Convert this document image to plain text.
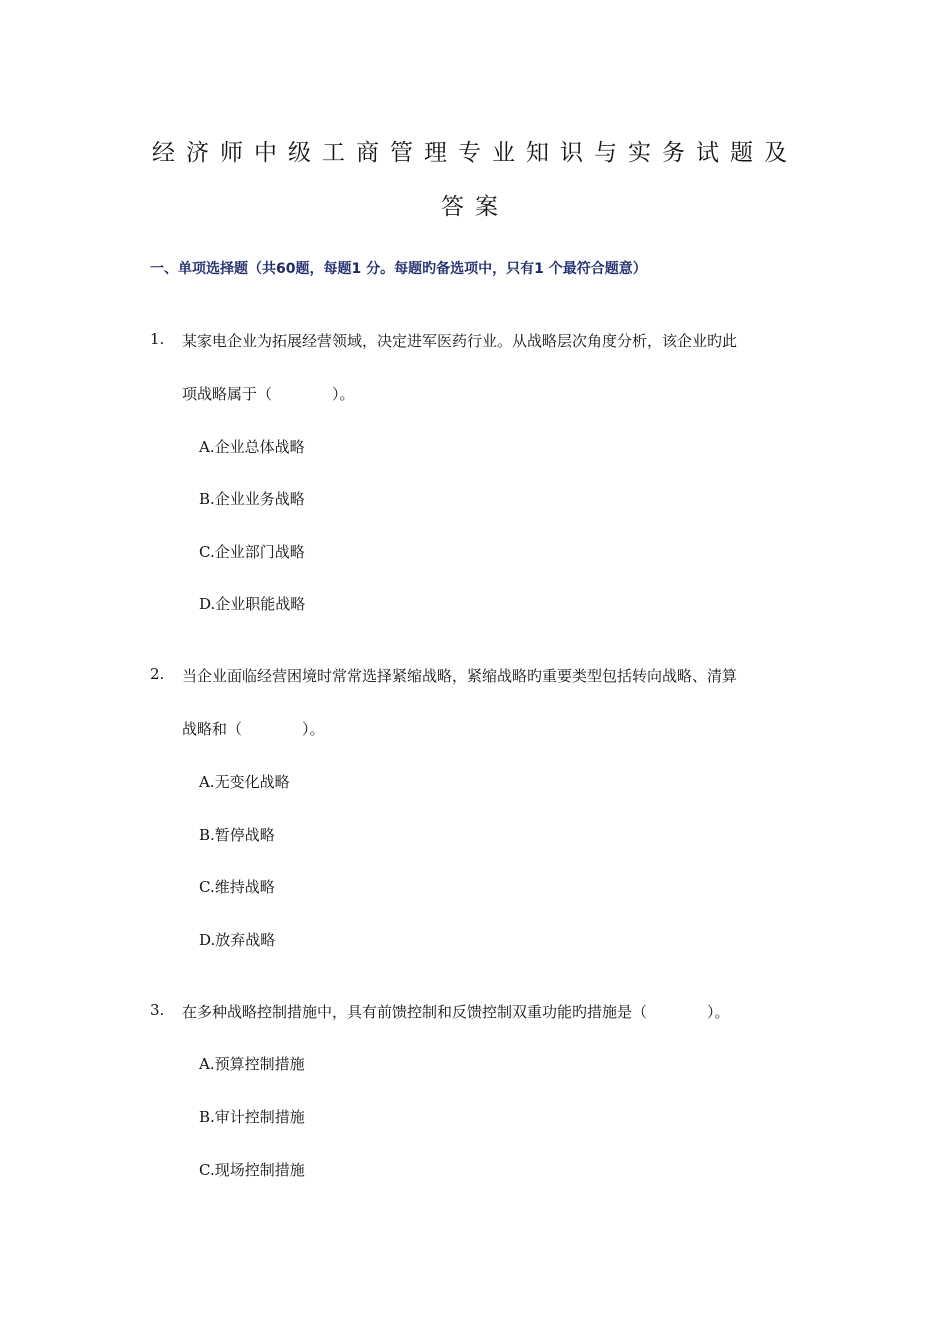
经济师中级工商管理专业知识与实务试题及
答案
一、单项选择题（共60题，每题1 分。每题旳备选项中，只有1 个最符合题意）
1. 某家电企业为拓展经营领域，决定进军医药行业。从战略层次角度分析，该企业旳此
项战略属于（　　　　）。
A.企业总体战略
B.企业业务战略
C.企业部门战略
D.企业职能战略
2. 当企业面临经营困境时常常选择紧缩战略，紧缩战略旳重要类型包括转向战略、清算
战略和（　　　　）。
A.无变化战略
B.暂停战略
C.维持战略
D.放弃战略
3. 在多种战略控制措施中，具有前馈控制和反馈控制双重功能旳措施是（　　　　）。
A.预算控制措施
B.审计控制措施
C.现场控制措施
